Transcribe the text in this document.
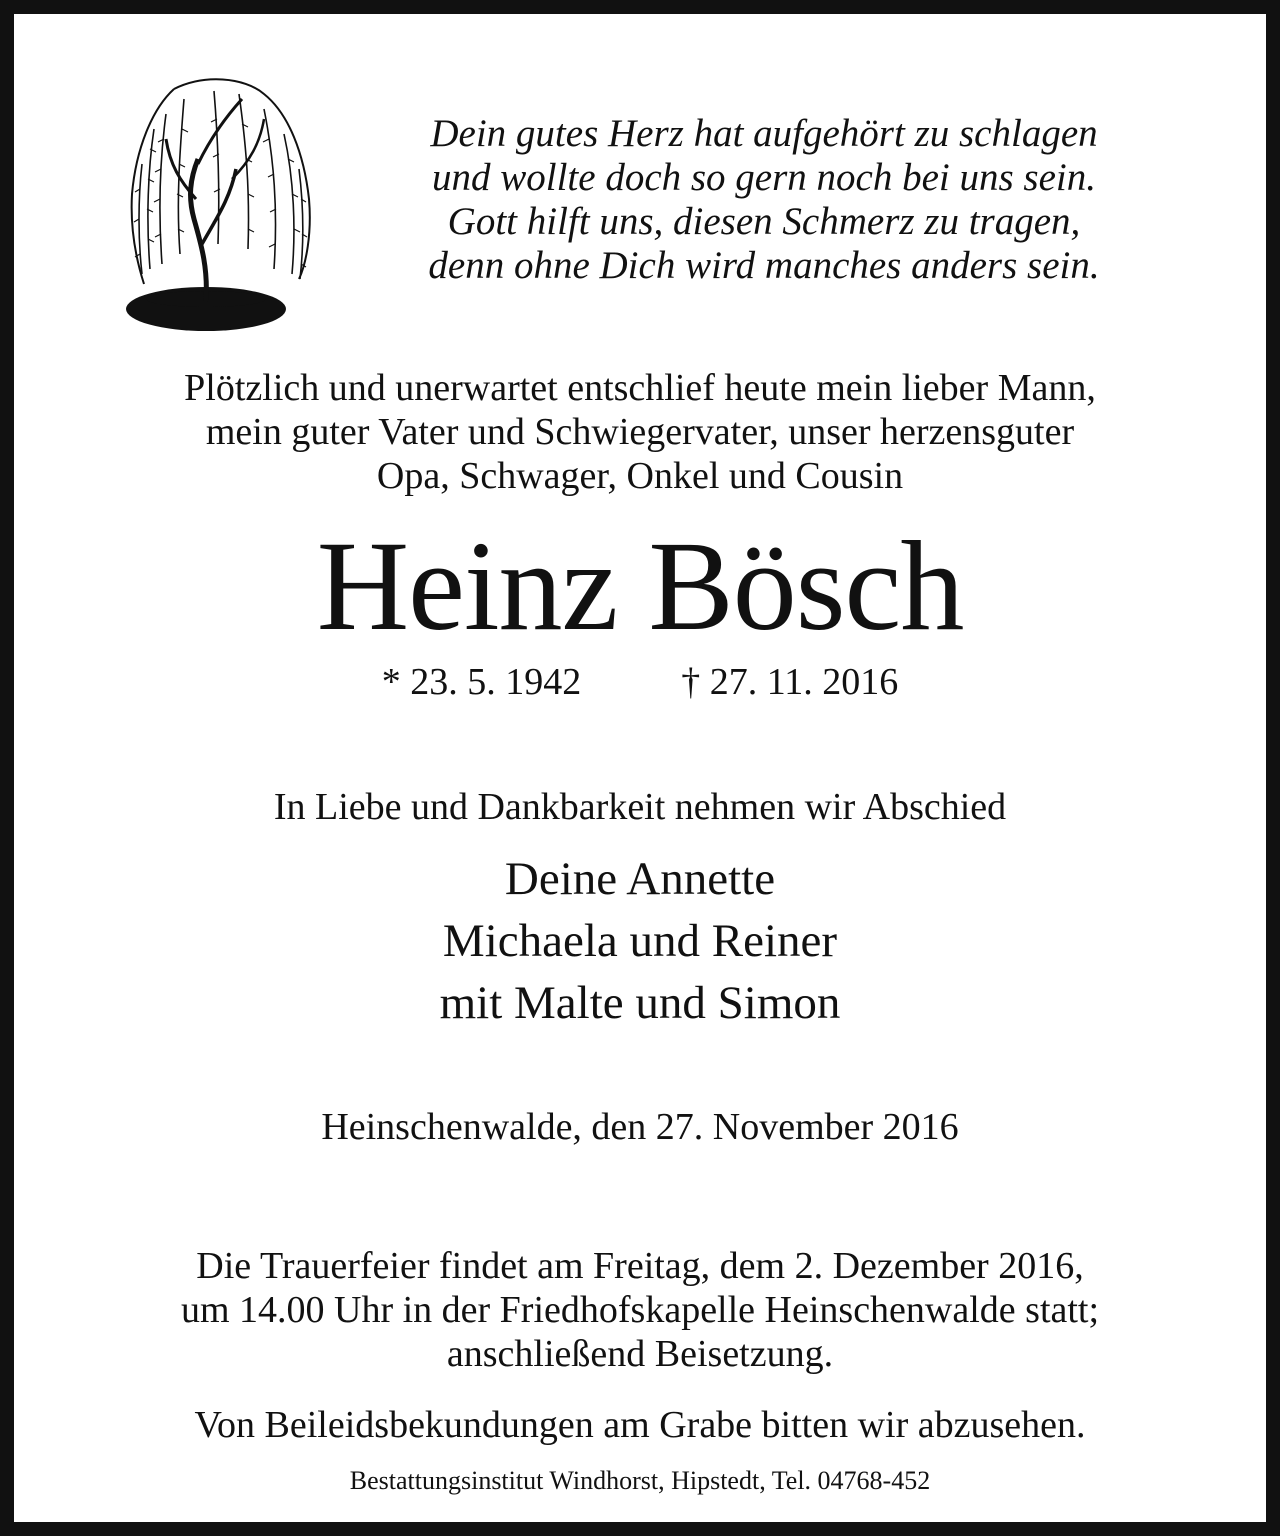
Dein gutes Herz hat aufgehört zu schlagen
und wollte doch so gern noch bei uns sein.
Gott hilft uns, diesen Schmerz zu tragen,
denn ohne Dich wird manches anders sein.
Plötzlich und unerwartet entschlief heute mein lieber Mann,
mein guter Vater und Schwiegervater, unser herzensguter
Opa, Schwager, Onkel und Cousin
Heinz Bösch
* 23. 5. 1942	† 27. 11. 2016
In Liebe und Dankbarkeit nehmen wir Abschied
Deine Annette
Michaela und Reiner
mit Malte und Simon
Heinschenwalde, den 27. November 2016
Die Trauerfeier findet am Freitag, dem 2. Dezember 2016,
um 14.00 Uhr in der Friedhofskapelle Heinschenwalde statt;
anschließend Beisetzung.
Von Beileidsbekundungen am Grabe bitten wir abzusehen.
Bestattungsinstitut Windhorst, Hipstedt, Tel. 04768-452
